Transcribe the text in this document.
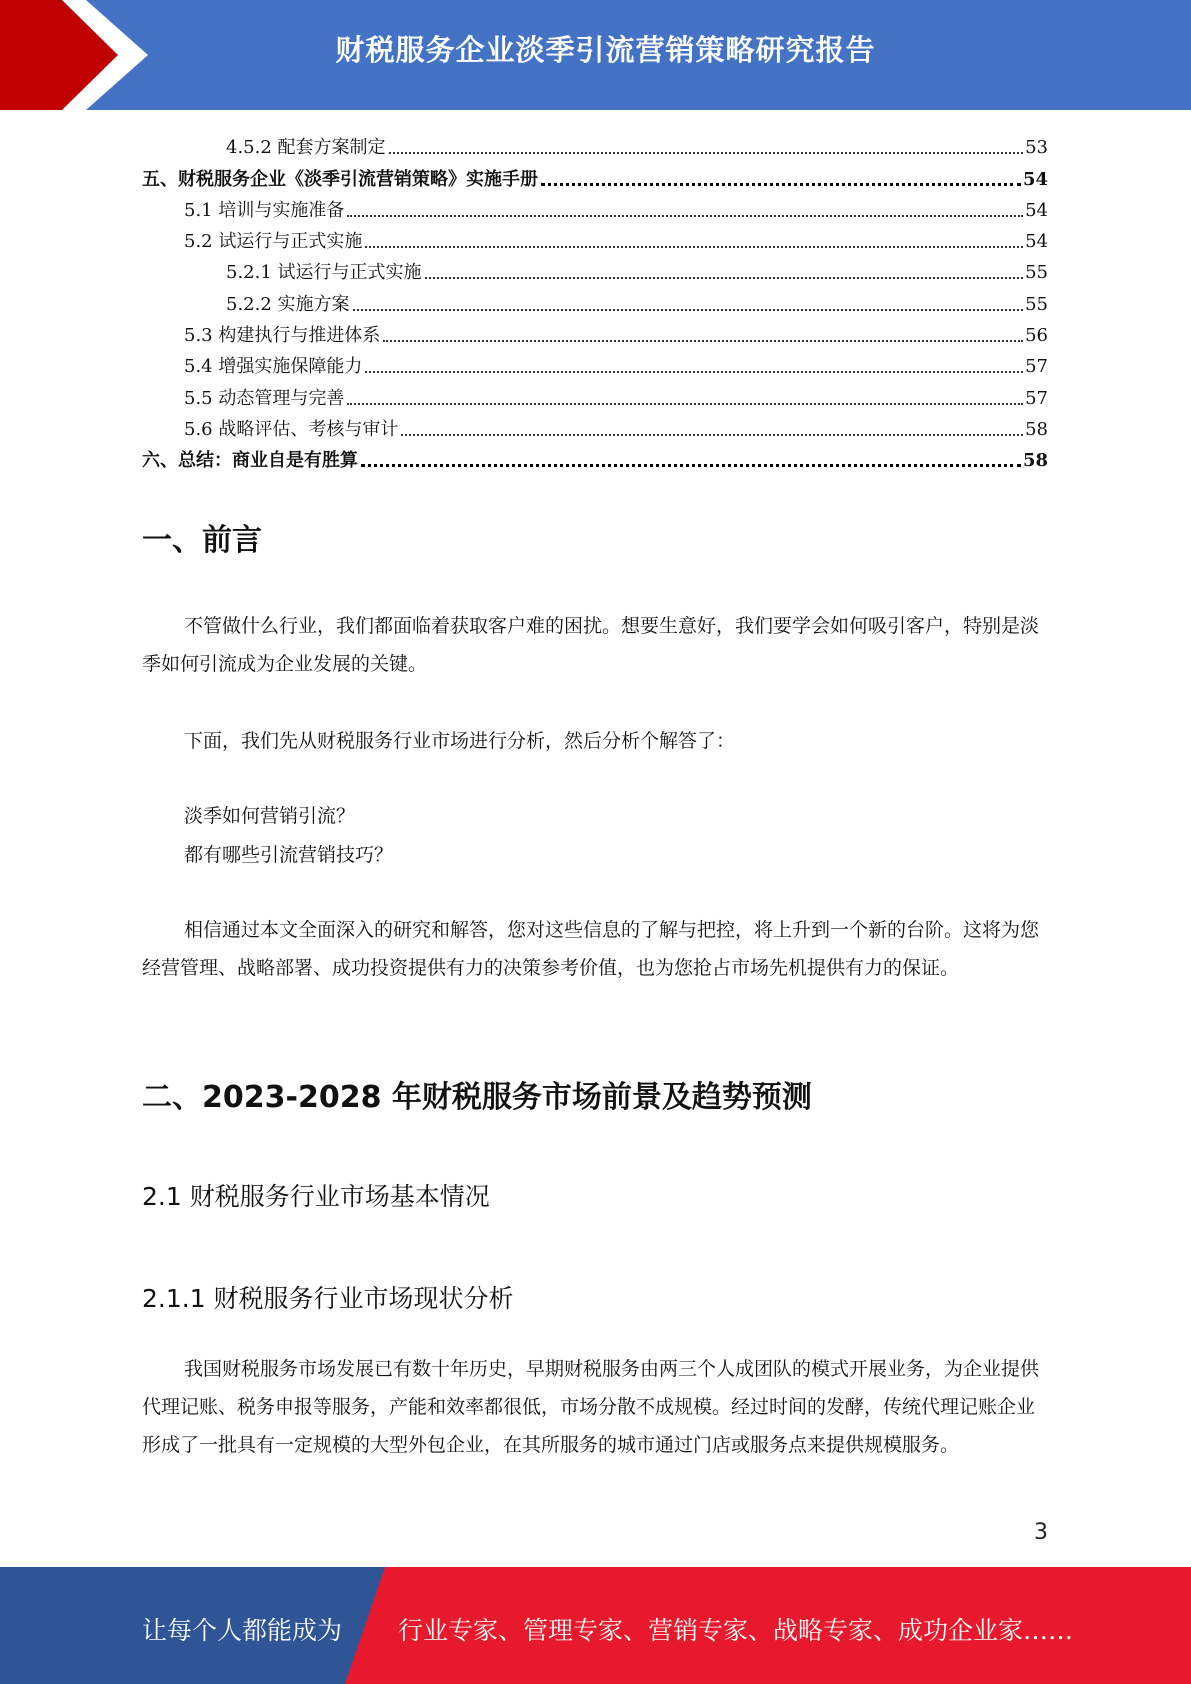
财税服务企业淡季引流营销策略研究报告
4.5.2 配套方案制定	53
五、财税服务企业《淡季引流营销策略》实施手册	54
5.1 培训与实施准备	54
5.2 试运行与正式实施	54
5.2.1 试运行与正式实施	55
5.2.2 实施方案	55
5.3 构建执行与推进体系	56
5.4 增强实施保障能力	57
5.5 动态管理与完善	57
5.6 战略评估、考核与审计	58
六、总结：商业自是有胜算	58
一、前言

不管做什么行业，我们都面临着获取客户难的困扰。想要生意好，我们要学会如何吸引客户，特别是淡季如何引流成为企业发展的关键。

下面，我们先从财税服务行业市场进行分析，然后分析个解答了：
淡季如何营销引流？
都有哪些引流营销技巧？

相信通过本文全面深入的研究和解答，您对这些信息的了解与把控，将上升到一个新的台阶。这将为您经营管理、战略部署、成功投资提供有力的决策参考价值，也为您抢占市场先机提供有力的保证。

二、2023-2028 年财税服务市场前景及趋势预测
2.1 财税服务行业市场基本情况
2.1.1 财税服务行业市场现状分析

我国财税服务市场发展已有数十年历史，早期财税服务由两三个人成团队的模式开展业务，为企业提供代理记账、税务申报等服务，产能和效率都很低，市场分散不成规模。经过时间的发酵，传统代理记账企业形成了一批具有一定规模的大型外包企业，在其所服务的城市通过门店或服务点来提供规模服务。

3
让每个人都能成为 行业专家、管理专家、营销专家、战略专家、成功企业家……
